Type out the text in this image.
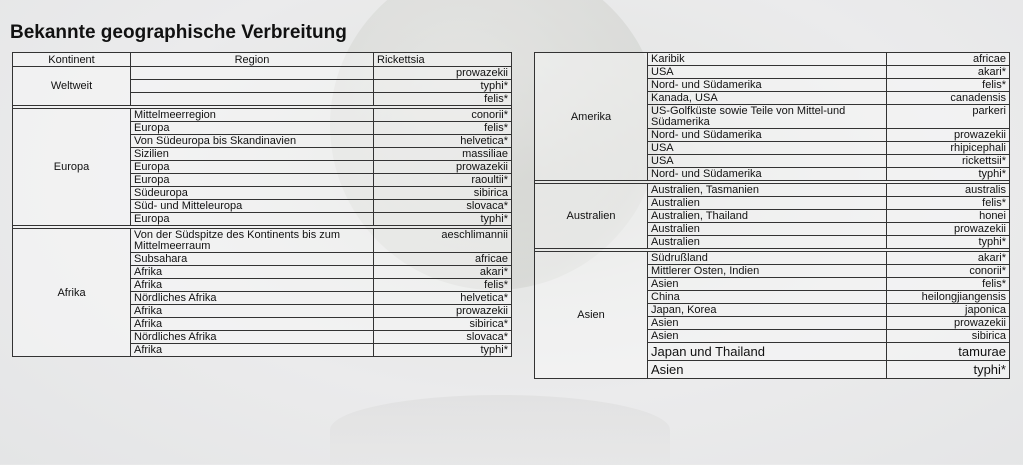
Bekannte geographische Verbreitung
Kontinent	Region	Rickettsia
Weltweit		prowazekii
		typhi*
		felis*

Europa	Mittelmeerregion	conorii*
	Europa	felis*
	Von Südeuropa bis Skandinavien	helvetica*
	Sizilien	massiliae
	Europa	prowazekii
	Europa	raoultii*
	Südeuropa	sibirica
	Süd- und Mitteleuropa	slovaca*
	Europa	typhi*

Afrika	Von der Südspitze des Kontinents bis zum Mittelmeerraum	aeschlimannii
	Subsahara	africae
	Afrika	akari*
	Afrika	felis*
	Nördliches Afrika	helvetica*
	Afrika	prowazekii
	Afrika	sibirica*
	Nördliches Afrika	slovaca*
	Afrika	typhi*
Amerika	Karibik	africae
	USA	akari*
	Nord- und Südamerika	felis*
	Kanada, USA	canadensis
	US-Golfküste sowie Teile von Mittel-und Südamerika	parkeri
	Nord- und Südamerika	prowazekii
	USA	rhipicephali
	USA	rickettsii*
	Nord- und Südamerika	typhi*

Australien	Australien, Tasmanien	australis
	Australien	felis*
	Australien, Thailand	honei
	Australien	prowazekii
	Australien	typhi*

Asien	Südrußland	akari*
	Mittlerer Osten, Indien	conorii*
	Asien	felis*
	China	heilongjiangensis
	Japan, Korea	japonica
	Asien	prowazekii
	Asien	sibirica
	Japan und Thailand	tamurae
	Asien	typhi*
